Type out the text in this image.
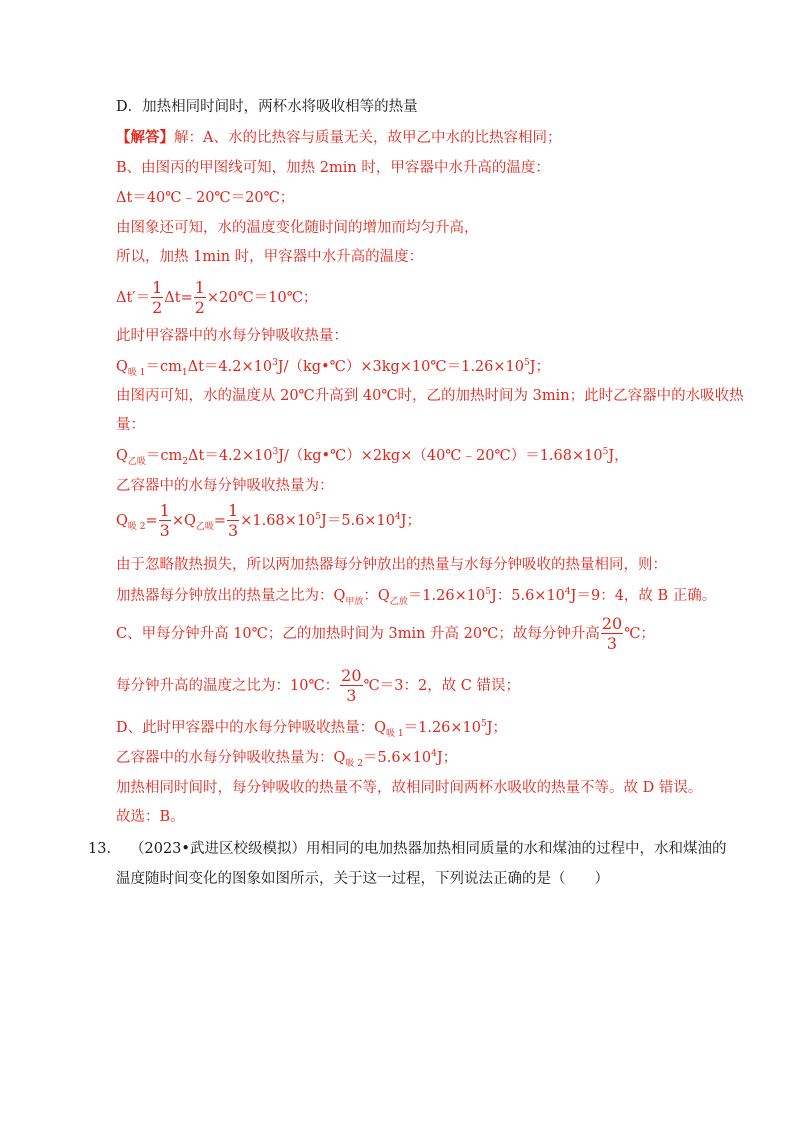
D．加热相同时间时，两杯水将吸收相等的热量
【解答】解：A、水的比热容与质量无关，故甲乙中水的比热容相同；
B、由图丙的甲图线可知，加热 2min 时，甲容器中水升高的温度：
Δt＝40℃﹣20℃＝20℃；
由图象还可知，水的温度变化随时间的增加而均匀升高，
所以，加热 1min 时，甲容器中水升高的温度：
$\Delta t'= \frac{1}{2} \Delta t= \frac{1}{2}$ ×20℃＝10℃；
此时甲容器中的水每分钟吸收热量：
$Q_{吸 1}=cm_1\Delta t=4.2\times 10^3J/(kg•℃)\times 3kg\times 10℃=1.26\times 10^5J$；
由图丙可知，水的温度从 20℃升高到 40℃时，乙的加热时间为 3min；此时乙容器中的水吸收热
量：
$Q_{乙吸}=cm_2\Delta t=4.2\times 10^3J/(kg•℃)\times 2kg\times(40℃﹣20℃)=1.68\times 10^5J$，
乙容器中的水每分钟吸收热量为：
$Q_{吸 2}= \frac{1}{3} \times Q_{乙吸}= \frac{1}{3} \times 1.68\times 10^5J=5.6\times 10^4J$；
由于忽略散热损失，所以两加热器每分钟放出的热量与水每分钟吸收的热量相同，则：
加热器每分钟放出的热量之比为：$Q_{甲放}$：$Q_{乙放}=1.26\times 10^5J$：$5.6\times 10^4J=9$：4，故 B 正确。
C、甲每分钟升高 10℃；乙的加热时间为 3min 升高 20℃；故每分钟升高 $\frac{20}{3}$ ℃；
每分钟升高的温度之比为：10℃： $\frac{20}{3}$ ℃＝3：2，故 C 错误；
D、此时甲容器中的水每分钟吸收热量：$Q_{吸 1}=1.26\times 10^5J$；
乙容器中的水每分钟吸收热量为：$Q_{吸 2}=5.6\times 10^4J$；
加热相同时间时，每分钟吸收的热量不等，故相同时间两杯水吸收的热量不等。故 D 错误。
故选：B。
13． （2023•武进区校级模拟）用相同的电加热器加热相同质量的水和煤油的过程中，水和煤油的
温度随时间变化的图象如图所示，关于这一过程，下列说法正确的是（　　）
